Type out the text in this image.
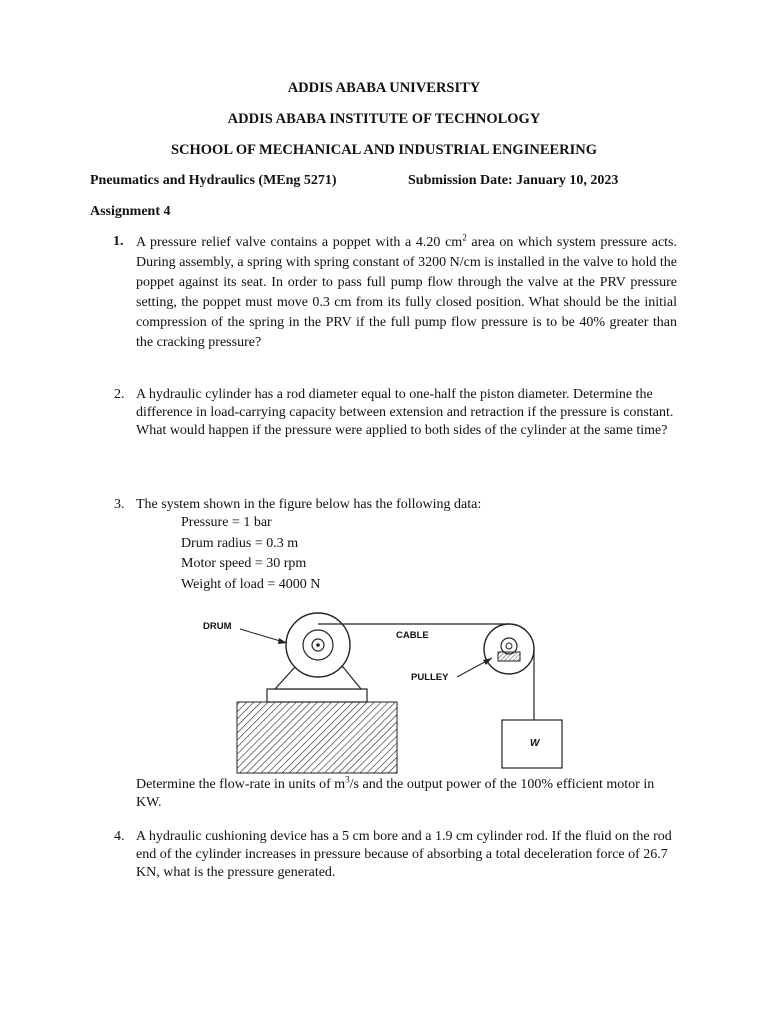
ADDIS ABABA UNIVERSITY
ADDIS ABABA INSTITUTE OF TECHNOLOGY
SCHOOL OF MECHANICAL AND INDUSTRIAL ENGINEERING
Pneumatics and Hydraulics (MEng 5271)	Submission Date: January 10, 2023
Assignment 4
1. A pressure relief valve contains a poppet with a 4.20 $cm^2$ area on which system pressure acts. During assembly, a spring with spring constant of 3200 N/cm is installed in the valve to hold the poppet against its seat. In order to pass full pump flow through the valve at the PRV pressure setting, the poppet must move 0.3 cm from its fully closed position. What should be the initial compression of the spring in the PRV if the full pump flow pressure is to be 40% greater than the cracking pressure?
2. A hydraulic cylinder has a rod diameter equal to one-half the piston diameter. Determine the difference in load-carrying capacity between extension and retraction if the pressure is constant. What would happen if the pressure were applied to both sides of the cylinder at the same time?
3. The system shown in the figure below has the following data:
Pressure = 1 bar
Drum radius = 0.3 m
Motor speed = 30 rpm
Weight of load = 4000 N
DRUM
CABLE
PULLEY
W
Determine the flow-rate in units of $m^3/s$ and the output power of the 100% efficient motor in KW.
4. A hydraulic cushioning device has a 5 cm bore and a 1.9 cm cylinder rod. If the fluid on the rod end of the cylinder increases in pressure because of absorbing a total deceleration force of 26.7 KN, what is the pressure generated.
